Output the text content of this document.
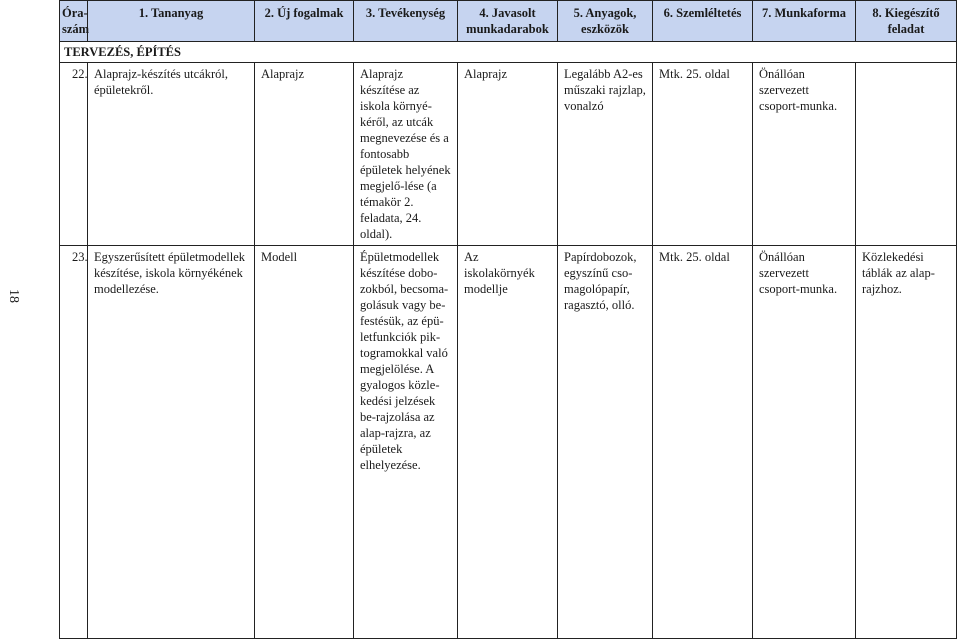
18
Óra-
szám	1. Tananyag	2. Új fogalmak	3. Tevékenység	4. Javasolt munkadarabok	5. Anyagok, eszközök	6. Szemléltetés	7. Munkaforma	8. Kiegészítő feladat
TERVEZÉS, ÉPÍTÉS								
22.	Alaprajz-készítés utcákról, épületekről.	Alaprajz	Alaprajz készítése az iskola környé-kéről, az utcák megnevezése és a fontosabb épületek helyének megjelő-lése (a témakör 2. feladata, 24. oldal).	Alaprajz	Legalább A2-es műszaki rajzlap, vonalzó	Mtk. 25. oldal	Önállóan szervezett csoport-munka.	
23.	Egyszerűsített épületmodellek készítése, iskola környékének modellezése.	Modell	Épületmodellek készítése dobo-zokból, becsoma-golásuk vagy be-festésük, az épü-letfunkciók pik-togramokkal való megjelölése. A gyalogos közle-kedési jelzések be-rajzolása az alap-rajzra, az épületek elhelyezése.	Az iskolakörnyék modellje	Papírdobozok, egyszínű cso-magolópapír, ragasztó, olló.	Mtk. 25. oldal	Önállóan szervezett csoport-munka.	Közlekedési táblák az alap-rajzhoz.
